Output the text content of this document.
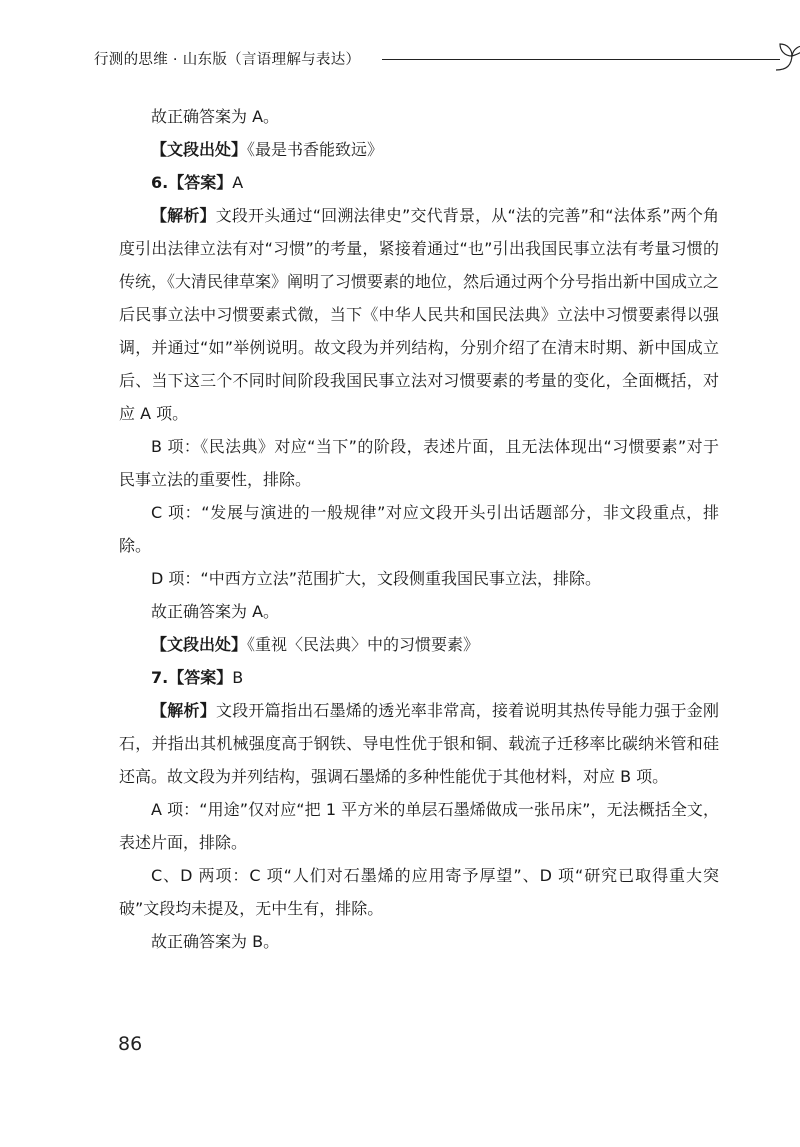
行测的思维 · 山东版（言语理解与表达）

故正确答案为 A。

【文段出处】《最是书香能致远》

6.【答案】A

【解析】文段开头通过“回溯法律史”交代背景，从“法的完善”和“法体系”两个角度引出法律立法有对“习惯”的考量，紧接着通过“也”引出我国民事立法有考量习惯的传统，《大清民律草案》阐明了习惯要素的地位，然后通过两个分号指出新中国成立之后民事立法中习惯要素式微，当下《中华人民共和国民法典》立法中习惯要素得以强调，并通过“如”举例说明。故文段为并列结构，分别介绍了在清末时期、新中国成立后、当下这三个不同时间阶段我国民事立法对习惯要素的考量的变化，全面概括，对应 A 项。

B 项：《民法典》对应“当下”的阶段，表述片面，且无法体现出“习惯要素”对于民事立法的重要性，排除。

C 项：“发展与演进的一般规律”对应文段开头引出话题部分，非文段重点，排除。

D 项：“中西方立法”范围扩大，文段侧重我国民事立法，排除。

故正确答案为 A。

【文段出处】《重视〈民法典〉中的习惯要素》

7.【答案】B

【解析】文段开篇指出石墨烯的透光率非常高，接着说明其热传导能力强于金刚石，并指出其机械强度高于钢铁、导电性优于银和铜、载流子迁移率比碳纳米管和硅还高。故文段为并列结构，强调石墨烯的多种性能优于其他材料，对应 B 项。

A 项：“用途”仅对应“把 1 平方米的单层石墨烯做成一张吊床”，无法概括全文，表述片面，排除。

C、D 两项：C 项“人们对石墨烯的应用寄予厚望”、D 项“研究已取得重大突破”文段均未提及，无中生有，排除。

故正确答案为 B。

86
